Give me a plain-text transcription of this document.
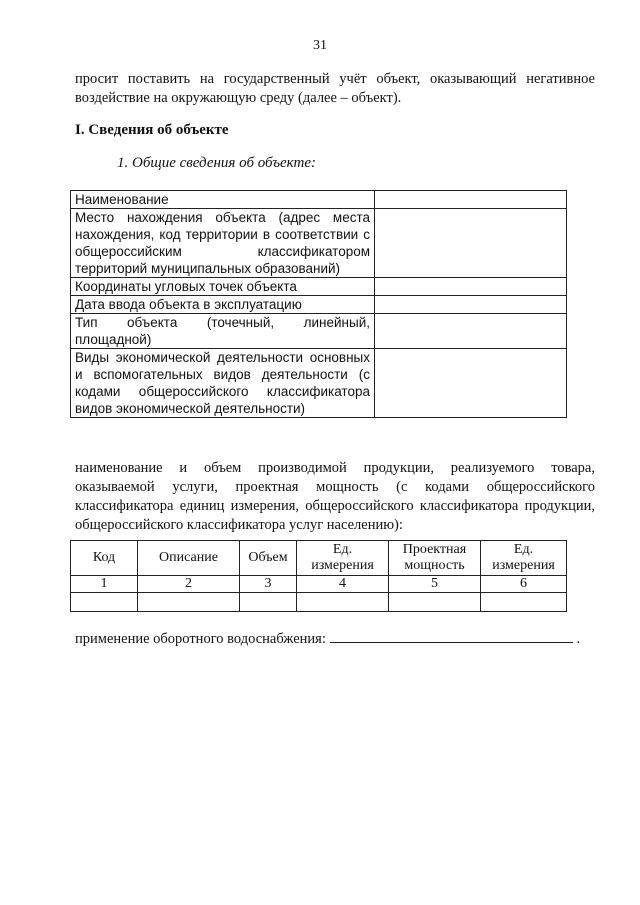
31
просит поставить на государственный учёт объект, оказывающий негативное воздействие на окружающую среду (далее – объект).
I. Сведения об объекте
1. Общие сведения об объекте:
Наименование	
Место нахождения объекта (адрес места нахождения, код территории в соответствии с общероссийским классификатором территорий муниципальных образований)	
Координаты угловых точек объекта	
Дата ввода объекта в эксплуатацию	
Тип объекта (точечный, линейный, площадной)	
Виды экономической деятельности основных и вспомогательных видов деятельности (с кодами общероссийского классификатора видов экономической деятельности)	
наименование и объем производимой продукции, реализуемого товара, оказываемой услуги, проектная мощность (с кодами общероссийского классификатора единиц измерения, общероссийского классификатора продукции, общероссийского классификатора услуг населению):
Код	Описание	Объем	Ед. измерения	Проектная мощность	Ед. измерения
1	2	3	4	5	6

применение оборотного водоснабжения:	.
